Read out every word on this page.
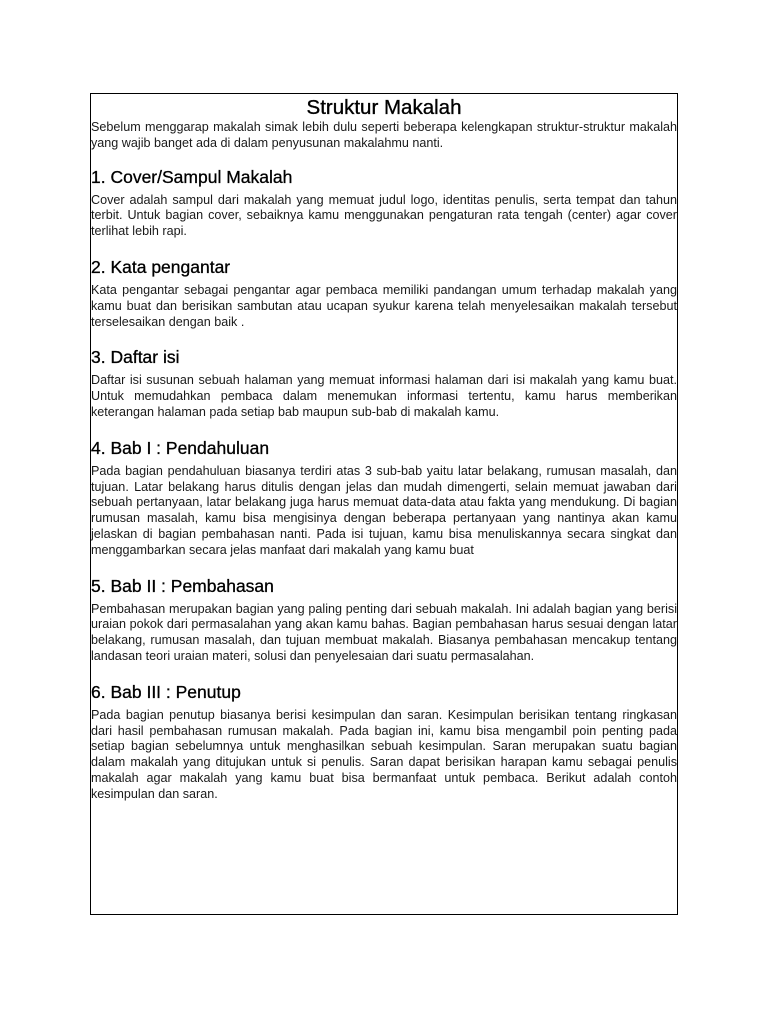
Struktur Makalah

Sebelum menggarap makalah simak lebih dulu seperti beberapa kelengkapan struktur-struktur makalah yang wajib banget ada di dalam penyusunan makalahmu nanti.

1. Cover/Sampul Makalah

Cover adalah sampul dari makalah yang memuat judul logo, identitas penulis, serta tempat dan tahun terbit. Untuk bagian cover, sebaiknya kamu menggunakan pengaturan rata tengah (center) agar cover terlihat lebih rapi.

2. Kata pengantar

Kata pengantar sebagai pengantar agar pembaca memiliki pandangan umum terhadap makalah yang kamu buat dan berisikan sambutan atau ucapan syukur karena telah menyelesaikan makalah tersebut terselesaikan dengan baik .

3. Daftar isi

Daftar isi susunan sebuah halaman yang memuat informasi halaman dari isi makalah yang kamu buat. Untuk memudahkan pembaca dalam menemukan informasi tertentu, kamu harus memberikan keterangan halaman pada setiap bab maupun sub-bab di makalah kamu.

4. Bab I : Pendahuluan

Pada bagian pendahuluan biasanya terdiri atas 3 sub-bab yaitu latar belakang, rumusan masalah, dan tujuan. Latar belakang harus ditulis dengan jelas dan mudah dimengerti, selain memuat jawaban dari sebuah pertanyaan, latar belakang juga harus memuat data-data atau fakta yang mendukung. Di bagian rumusan masalah, kamu bisa mengisinya dengan beberapa pertanyaan yang nantinya akan kamu jelaskan di bagian pembahasan nanti. Pada isi tujuan, kamu bisa menuliskannya secara singkat dan menggambarkan secara jelas manfaat dari makalah yang kamu buat

5. Bab II : Pembahasan

Pembahasan merupakan bagian yang paling penting dari sebuah makalah. Ini adalah bagian yang berisi uraian pokok dari permasalahan yang akan kamu bahas. Bagian pembahasan harus sesuai dengan latar belakang, rumusan masalah, dan tujuan membuat makalah. Biasanya pembahasan mencakup tentang landasan teori uraian materi, solusi dan penyelesaian dari suatu permasalahan.

6. Bab III : Penutup

Pada bagian penutup biasanya berisi kesimpulan dan saran. Kesimpulan berisikan tentang ringkasan dari hasil pembahasan rumusan makalah. Pada bagian ini, kamu bisa mengambil poin penting pada setiap bagian sebelumnya untuk menghasilkan sebuah kesimpulan. Saran merupakan suatu bagian dalam makalah yang ditujukan untuk si penulis. Saran dapat berisikan harapan kamu sebagai penulis makalah agar makalah yang kamu buat bisa bermanfaat untuk pembaca. Berikut adalah contoh kesimpulan dan saran.
